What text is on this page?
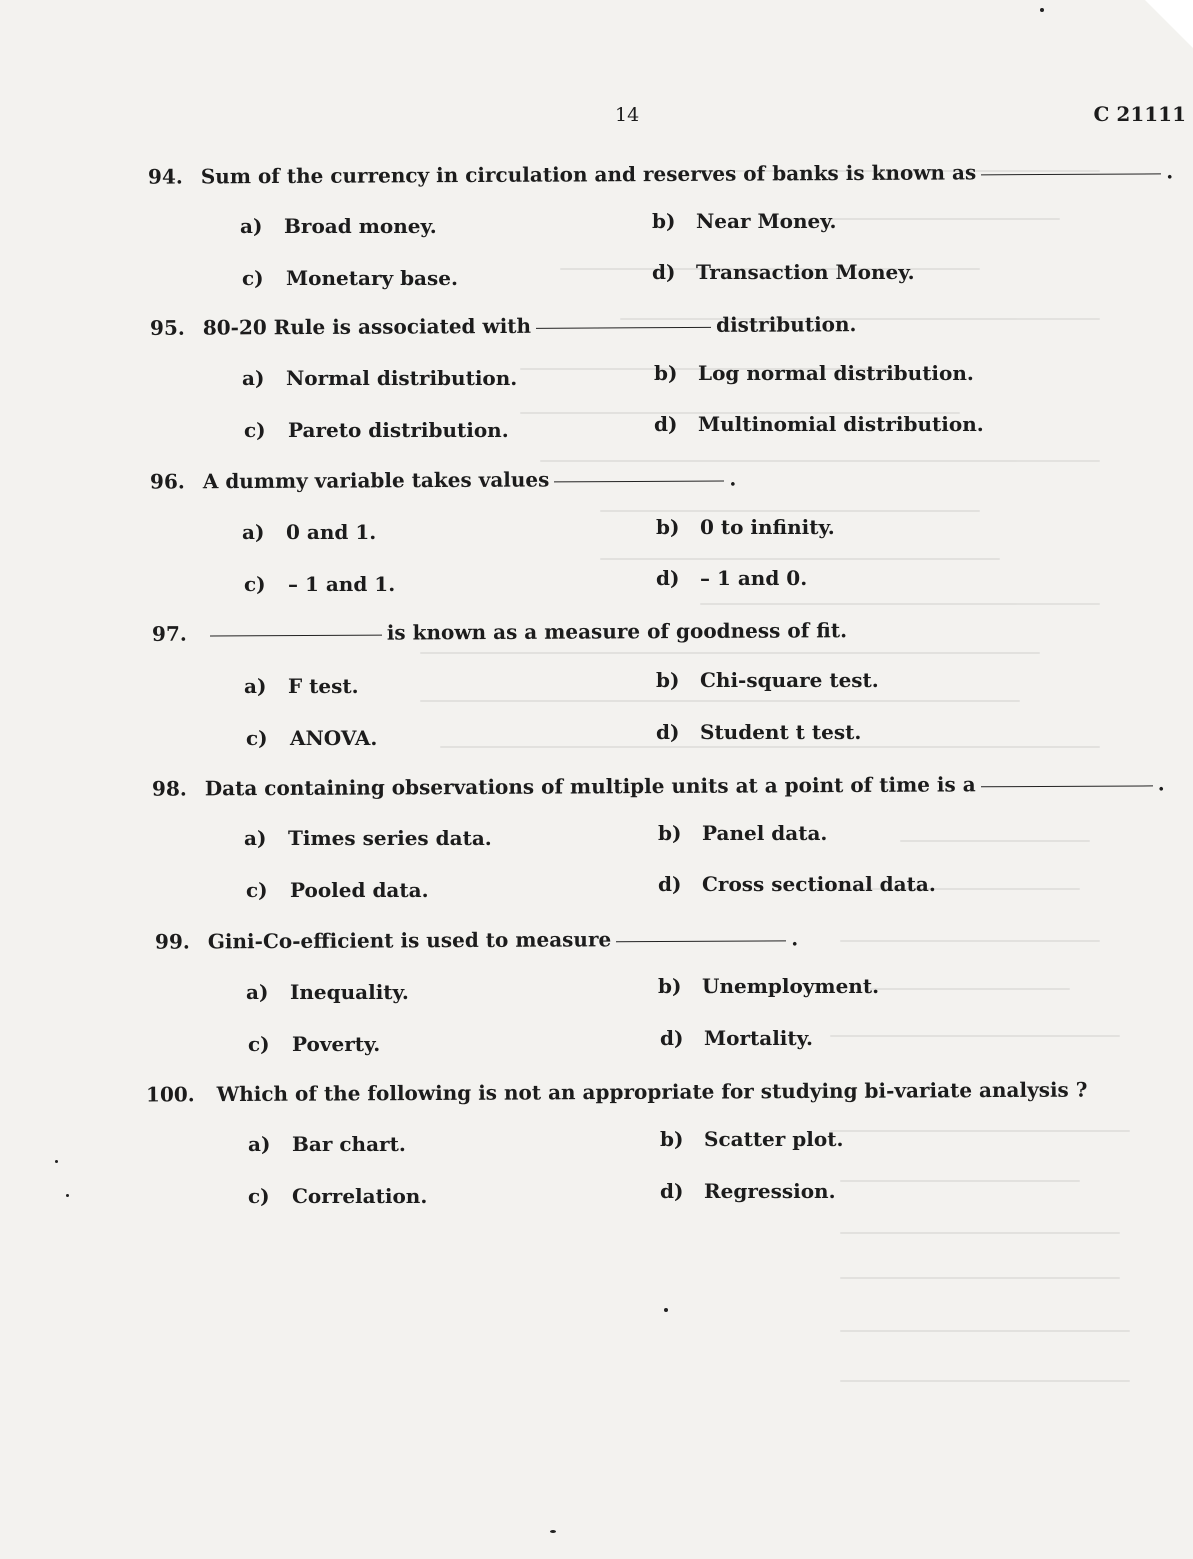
14	C 21111
94. Sum of the currency in circulation and reserves of banks is known as	.
a) Broad money.	b) Near Money.
c) Monetary base.	d) Transaction Money.
95. 80-20 Rule is associated with	distribution.
a) Normal distribution.	b) Log normal distribution.
c) Pareto distribution.	d) Multinomial distribution.
96. A dummy variable takes values	.
a) 0 and 1.	b) 0 to infinity.
c) – 1 and 1.	d) – 1 and 0.
97.	is known as a measure of goodness of fit.
a) F test.	b) Chi-square test.
c) ANOVA.	d) Student t test.
98. Data containing observations of multiple units at a point of time is a	.
a) Times series data.	b) Panel data.
c) Pooled data.	d) Cross sectional data.
99. Gini-Co-efficient is used to measure	.
a) Inequality.	b) Unemployment.
c) Poverty.	d) Mortality.
100. Which of the following is not an appropriate for studying bi-variate analysis ?
a) Bar chart.	b) Scatter plot.
c) Correlation.	d) Regression.
